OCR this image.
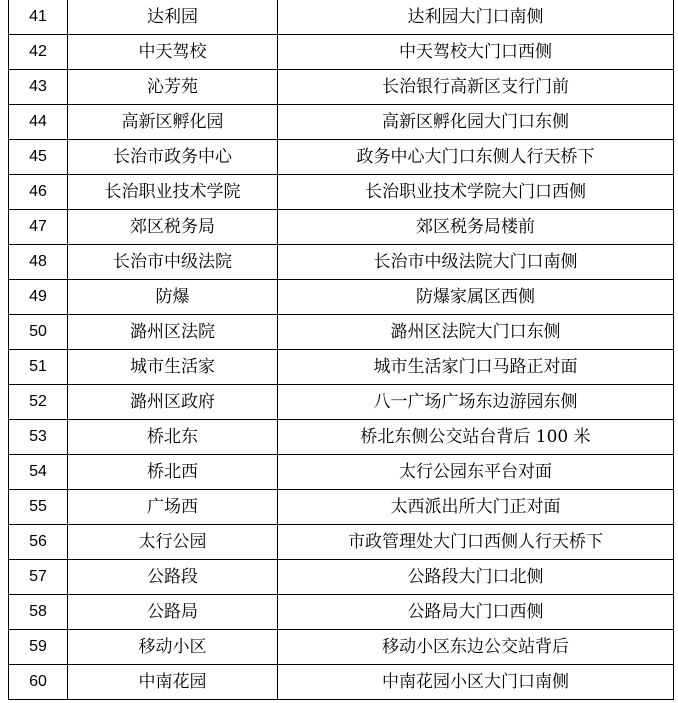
41	达利园	达利园大门口南侧
42	中天驾校	中天驾校大门口西侧
43	沁芳苑	长治银行高新区支行门前
44	高新区孵化园	高新区孵化园大门口东侧
45	长治市政务中心	政务中心大门口东侧人行天桥下
46	长治职业技术学院	长治职业技术学院大门口西侧
47	郊区税务局	郊区税务局楼前
48	长治市中级法院	长治市中级法院大门口南侧
49	防爆	防爆家属区西侧
50	潞州区法院	潞州区法院大门口东侧
51	城市生活家	城市生活家门口马路正对面
52	潞州区政府	八一广场广场东边游园东侧
53	桥北东	桥北东侧公交站台背后 100 米
54	桥北西	太行公园东平台对面
55	广场西	太西派出所大门正对面
56	太行公园	市政管理处大门口西侧人行天桥下
57	公路段	公路段大门口北侧
58	公路局	公路局大门口西侧
59	移动小区	移动小区东边公交站背后
60	中南花园	中南花园小区大门口南侧
